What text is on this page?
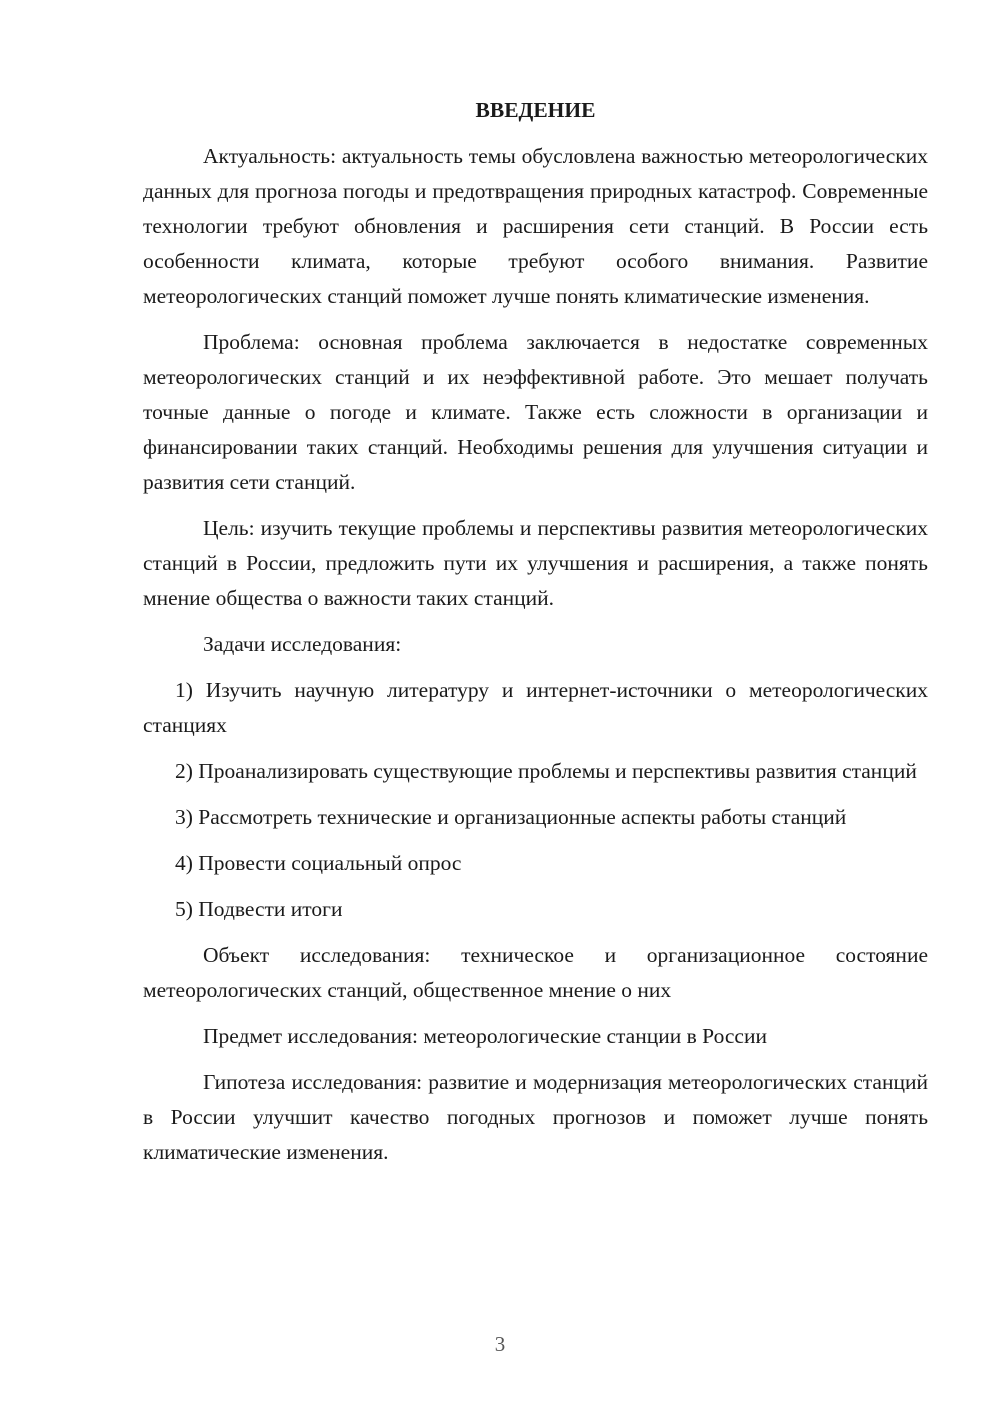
ВВЕДЕНИЕ

Актуальность: актуальность темы обусловлена важностью метеорологических данных для прогноза погоды и предотвращения природных катастроф. Современные технологии требуют обновления и расширения сети станций. В России есть особенности климата, которые требуют особого внимания. Развитие метеорологических станций поможет лучше понять климатические изменения.

Проблема: основная проблема заключается в недостатке современных метеорологических станций и их неэффективной работе. Это мешает получать точные данные о погоде и климате. Также есть сложности в организации и финансировании таких станций. Необходимы решения для улучшения ситуации и развития сети станций.

Цель: изучить текущие проблемы и перспективы развития метеорологических станций в России, предложить пути их улучшения и расширения, а также понять мнение общества о важности таких станций.

Задачи исследования:

1) Изучить научную литературу и интернет-источники о метеорологических станциях

2) Проанализировать существующие проблемы и перспективы развития станций

3) Рассмотреть технические и организационные аспекты работы станций

4) Провести социальный опрос

5) Подвести итоги

Объект исследования: техническое и организационное состояние метеорологических станций, общественное мнение о них

Предмет исследования: метеорологические станции в России

Гипотеза исследования: развитие и модернизация метеорологических станций в России улучшит качество погодных прогнозов и поможет лучше понять климатические изменения.

3
